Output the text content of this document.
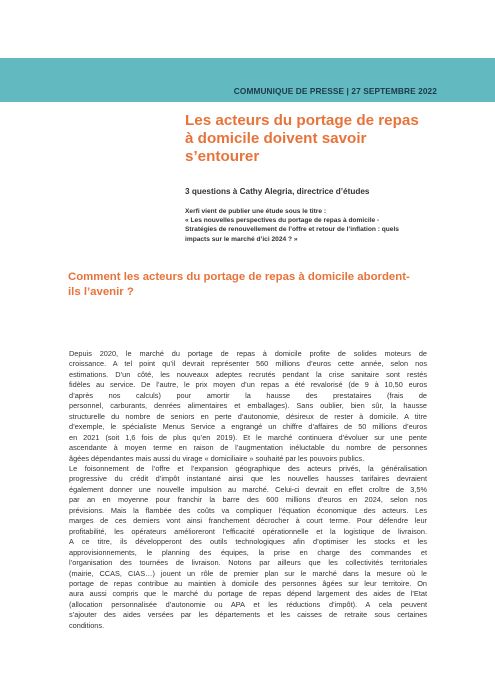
COMMUNIQUE DE PRESSE | 27 SEPTEMBRE 2022
Les acteurs du portage de repas
à domicile doivent savoir
s’entourer
3 questions à Cathy Alegria, directrice d’études
Xerfi vient de publier une étude sous le titre :
« Les nouvelles perspectives du portage de repas à domicile -
Stratégies de renouvellement de l’offre et retour de l’inflation : quels
impacts sur le marché d’ici 2024 ? »
Comment les acteurs du portage de repas à domicile abordent-
ils l’avenir ?
Depuis 2020, le marché du portage de repas à domicile profite de solides moteurs de
croissance. A tel point qu’il devrait représenter 560 millions d’euros cette année, selon nos
estimations. D’un côté, les nouveaux adeptes recrutés pendant la crise sanitaire sont restés
fidèles au service. De l’autre, le prix moyen d’un repas a été revalorisé (de 9 à 10,50 euros
d’après nos calculs) pour amortir la hausse des prestataires (frais de
personnel, carburants, denrées alimentaires et emballages). Sans oublier, bien sûr, la hausse
structurelle du nombre de seniors en perte d’autonomie, désireux de rester à domicile. A titre
d’exemple, le spécialiste Menus Service a engrangé un chiffre d’affaires de 50 millions d’euros
en 2021 (soit 1,6 fois de plus qu’en 2019). Et le marché continuera d’évoluer sur une pente
ascendante à moyen terme en raison de l’augmentation inéluctable du nombre de personnes
âgées dépendantes mais aussi du virage « domiciliaire » souhaité par les pouvoirs publics.
Le foisonnement de l’offre et l’expansion géographique des acteurs privés, la généralisation
progressive du crédit d’impôt instantané ainsi que les nouvelles hausses tarifaires devraient
également donner une nouvelle impulsion au marché. Celui-ci devrait en effet croître de 3,5%
par an en moyenne pour franchir la barre des 600 millions d’euros en 2024, selon nos
prévisions. Mais la flambée des coûts va compliquer l’équation économique des acteurs. Les
marges de ces derniers vont ainsi franchement décrocher à court terme. Pour défendre leur
profitabilité, les opérateurs amélioreront l’efficacité opérationnelle et la logistique de livraison.
A ce titre, ils développeront des outils technologiques afin d’optimiser les stocks et les
approvisionnements, le planning des équipes, la prise en charge des commandes et
l’organisation des tournées de livraison. Notons par ailleurs que les collectivités territoriales
(mairie, CCAS, CIAS…) jouent un rôle de premier plan sur le marché dans la mesure où le
portage de repas contribue au maintien à domicile des personnes âgées sur leur territoire. On
aura aussi compris que le marché du portage de repas dépend largement des aides de l’Etat
(allocation personnalisée d’autonomie ou APA et les réductions d’impôt). A cela peuvent
s’ajouter des aides versées par les départements et les caisses de retraite sous certaines
conditions.
